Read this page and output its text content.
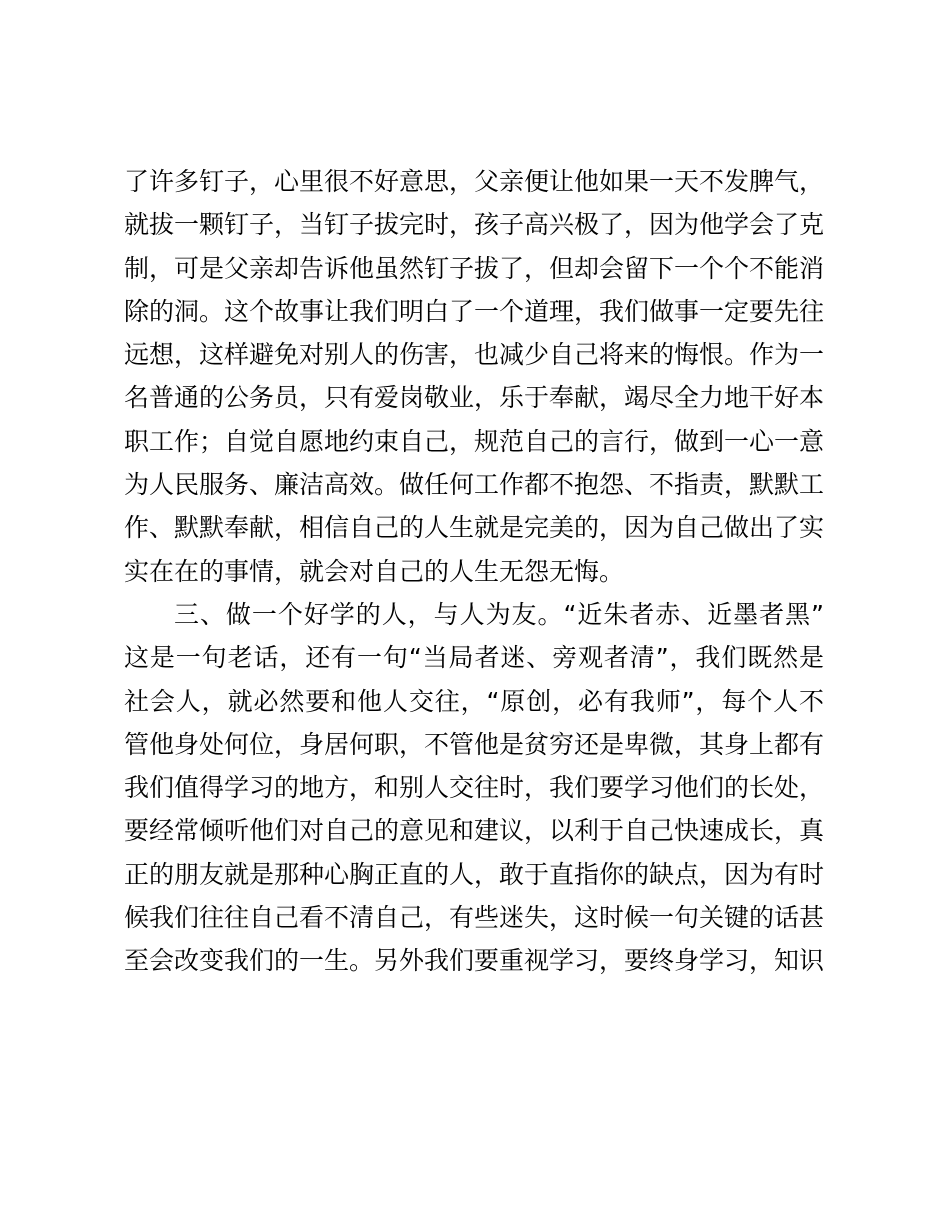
了许多钉子，心里很不好意思，父亲便让他如果一天不发脾气，
就拔一颗钉子，当钉子拔完时，孩子高兴极了，因为他学会了克
制，可是父亲却告诉他虽然钉子拔了，但却会留下一个个不能消
除的洞。这个故事让我们明白了一个道理，我们做事一定要先往
远想，这样避免对别人的伤害，也减少自己将来的悔恨。作为一
名普通的公务员，只有爱岗敬业，乐于奉献，竭尽全力地干好本
职工作；自觉自愿地约束自己，规范自己的言行，做到一心一意
为人民服务、廉洁高效。做任何工作都不抱怨、不指责，默默工
作、默默奉献，相信自己的人生就是完美的，因为自己做出了实
实在在的事情，就会对自己的人生无怨无悔。
三、做一个好学的人，与人为友。“近朱者赤、近墨者黑”
这是一句老话，还有一句“当局者迷、旁观者清”，我们既然是
社会人，就必然要和他人交往，“原创，必有我师”，每个人不
管他身处何位，身居何职，不管他是贫穷还是卑微，其身上都有
我们值得学习的地方，和别人交往时，我们要学习他们的长处，
要经常倾听他们对自己的意见和建议，以利于自己快速成长，真
正的朋友就是那种心胸正直的人，敢于直指你的缺点，因为有时
候我们往往自己看不清自己，有些迷失，这时候一句关键的话甚
至会改变我们的一生。另外我们要重视学习，要终身学习，知识
